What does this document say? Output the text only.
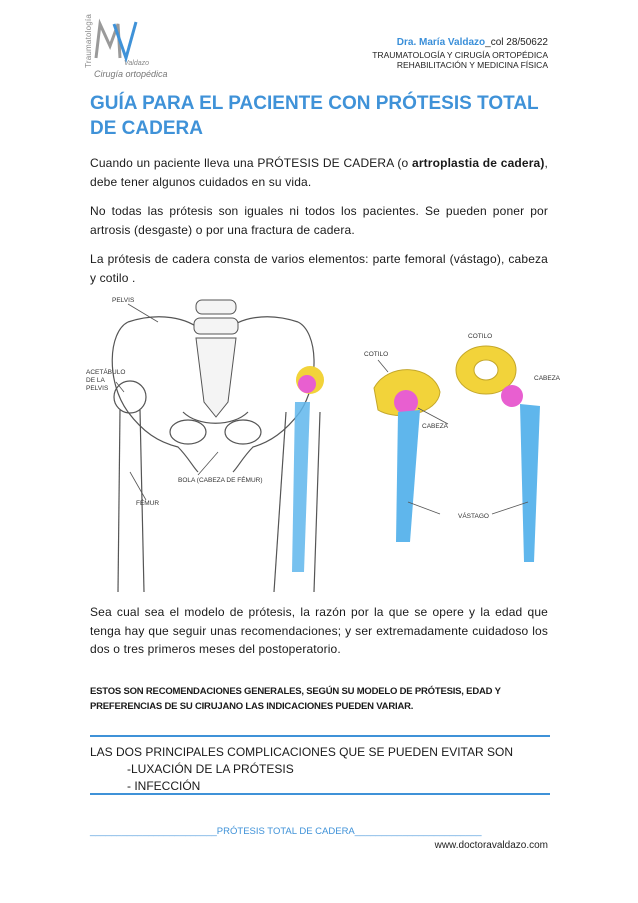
Traumatología	Valdazo
Cirugía ortopédica
Dra. María Valdazo_col 28/50622
TRAUMATOLOGÍA Y CIRUGÍA ORTOPÉDICA
REHABILITACIÓN Y MEDICINA FÍSICA
GUÍA PARA EL PACIENTE CON PRÓTESIS TOTAL DE CADERA
Cuando un paciente lleva una PRÓTESIS DE CADERA (o artroplastia de cadera), debe tener algunos cuidados en su vida.
No todas las prótesis son iguales ni todos los pacientes. Se pueden poner por artrosis (desgaste) o por una fractura de cadera.
La prótesis de cadera consta de varios elementos: parte femoral (vástago), cabeza y cotilo .
PELVIS
ACETÁBULO
DE LA
PELVIS
BOLA (CABEZA DE FÉMUR)
FÉMUR
COTILO
COTILO
CABEZA
CABEZA
VÁSTAGO
Sea cual sea el modelo de prótesis, la razón por la que se opere y la edad que tenga hay que seguir unas recomendaciones; y ser extremadamente cuidadoso los dos o tres primeros meses del postoperatorio.
ESTOS SON RECOMENDACIONES GENERALES, SEGÚN SU MODELO DE PRÓTESIS, EDAD Y PREFERENCIAS DE SU CIRUJANO LAS INDICACIONES PUEDEN VARIAR.
LAS DOS PRINCIPALES COMPLICACIONES QUE SE PUEDEN EVITAR SON
-LUXACIÓN DE LA PRÓTESIS
- INFECCIÓN
________________________PRÓTESIS TOTAL DE CADERA________________________
www.doctoravaldazo.com
